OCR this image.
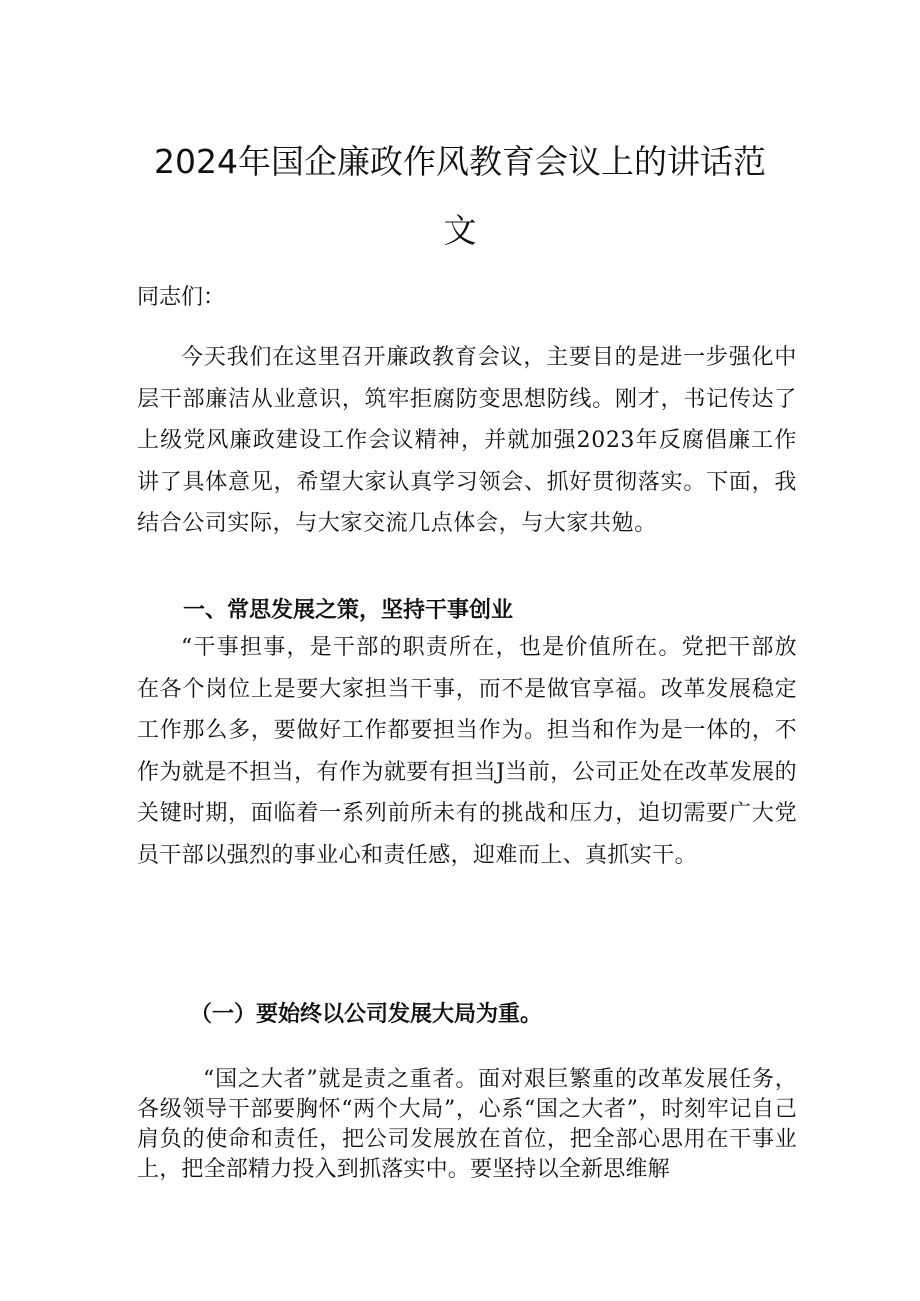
2024年国企廉政作风教育会议上的讲话范
文
同志们：
今天我们在这里召开廉政教育会议，主要目的是进一步强化中层干部廉洁从业意识，筑牢拒腐防变思想防线。刚才，书记传达了上级党风廉政建设工作会议精神，并就加强2023年反腐倡廉工作讲了具体意见，希望大家认真学习领会、抓好贯彻落实。下面，我结合公司实际，与大家交流几点体会，与大家共勉。
一、常思发展之策，坚持干事创业
“干事担事，是干部的职责所在，也是价值所在。党把干部放在各个岗位上是要大家担当干事，而不是做官享福。改革发展稳定工作那么多，要做好工作都要担当作为。担当和作为是一体的，不作为就是不担当，有作为就要有担当J当前，公司正处在改革发展的关键时期，面临着一系列前所未有的挑战和压力，迫切需要广大党员干部以强烈的事业心和责任感，迎难而上、真抓实干。
（一）要始终以公司发展大局为重。
“国之大者”就是责之重者。面对艰巨繁重的改革发展任务，各级领导干部要胸怀“两个大局”，心系“国之大者”，时刻牢记自己肩负的使命和责任，把公司发展放在首位，把全部心思用在干事业上，把全部精力投入到抓落实中。要坚持以全新思维解
